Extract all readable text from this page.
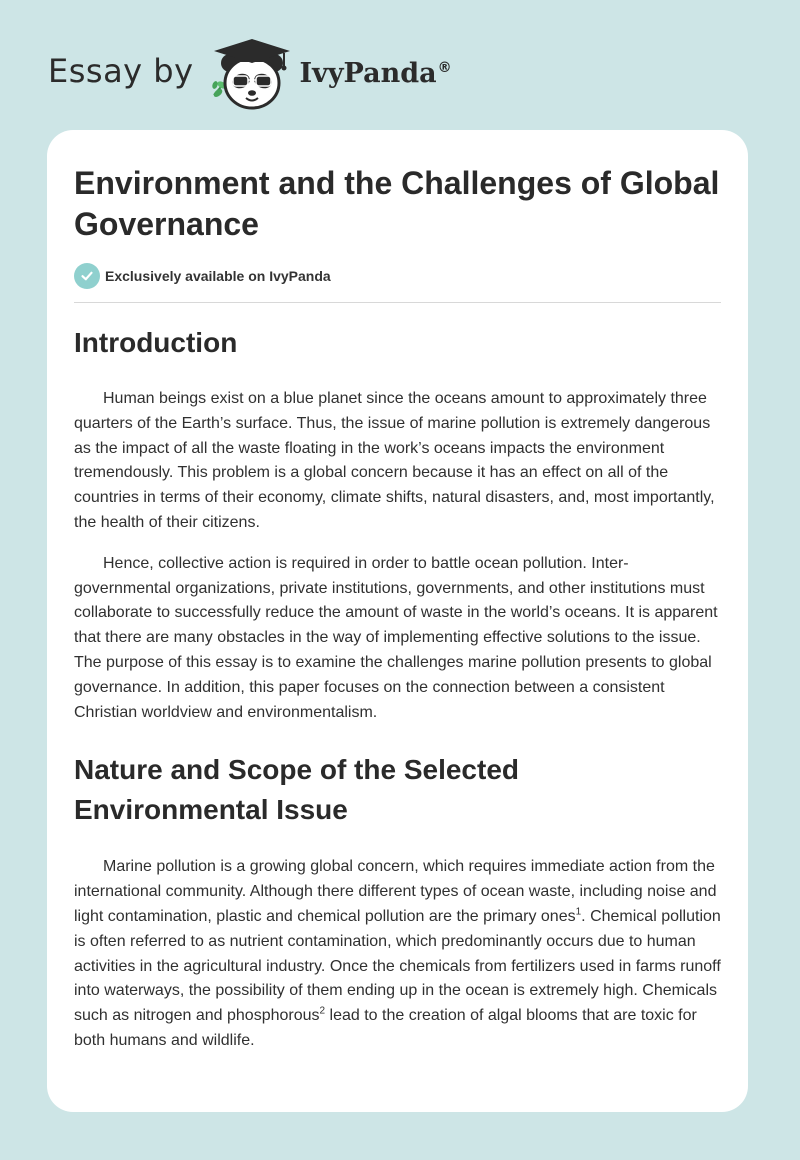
Essay by	IvyPanda®
Environment and the Challenges of Global Governance
Exclusively available on IvyPanda
Introduction

Human beings exist on a blue planet since the oceans amount to approximately three quarters of the Earth’s surface. Thus, the issue of marine pollution is extremely dangerous as the impact of all the waste floating in the work’s oceans impacts the environment tremendously. This problem is a global concern because it has an effect on all of the countries in terms of their economy, climate shifts, natural disasters, and, most importantly, the health of their citizens.

Hence, collective action is required in order to battle ocean pollution. Inter-governmental organizations, private institutions, governments, and other institutions must collaborate to successfully reduce the amount of waste in the world’s oceans. It is apparent that there are many obstacles in the way of implementing effective solutions to the issue. The purpose of this essay is to examine the challenges marine pollution presents to global governance. In addition, this paper focuses on the connection between a consistent Christian worldview and environmentalism.

Nature and Scope of the Selected Environmental Issue

Marine pollution is a growing global concern, which requires immediate action from the international community. Although there different types of ocean waste, including noise and light contamination, plastic and chemical pollution are the primary ones$^1$. Chemical pollution is often referred to as nutrient contamination, which predominantly occurs due to human activities in the agricultural industry. Once the chemicals from fertilizers used in farms runoff into waterways, the possibility of them ending up in the ocean is extremely high. Chemicals such as nitrogen and phosphorous$^2$ lead to the creation of algal blooms that are toxic for both humans and wildlife.
